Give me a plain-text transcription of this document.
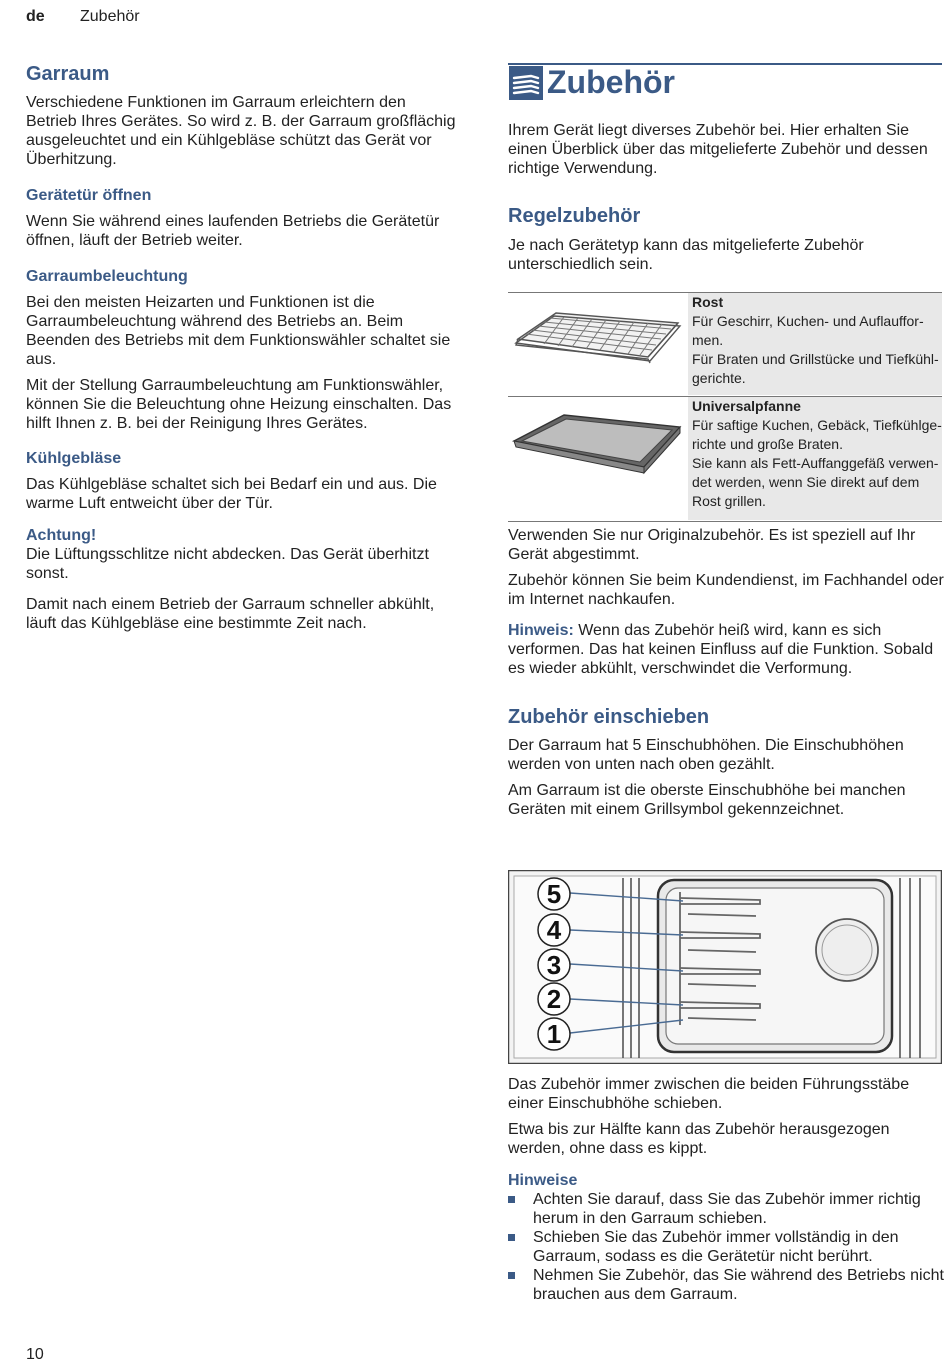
de Zubehör
Garraum

Verschiedene Funktionen im Garraum erleichtern den Betrieb Ihres Gerätes. So wird z. B. der Garraum großflächig ausgeleuchtet und ein Kühlgebläse schützt das Gerät vor Überhitzung.

Gerätetür öffnen

Wenn Sie während eines laufenden Betriebs die Gerätetür öffnen, läuft der Betrieb weiter.

Garraumbeleuchtung

Bei den meisten Heizarten und Funktionen ist die Garraumbeleuchtung während des Betriebs an. Beim Beenden des Betriebs mit dem Funktionswähler schaltet sie aus.

Mit der Stellung Garraumbeleuchtung am Funktionswähler, können Sie die Beleuchtung ohne Heizung einschalten. Das hilft Ihnen z. B. bei der Reinigung Ihres Gerätes.

Kühlgebläse

Das Kühlgebläse schaltet sich bei Bedarf ein und aus. Die warme Luft entweicht über der Tür.

Achtung!

Die Lüftungsschlitze nicht abdecken. Das Gerät überhitzt sonst.

Damit nach einem Betrieb der Garraum schneller abkühlt, läuft das Kühlgebläse eine bestimmte Zeit nach.

Zubehör

Ihrem Gerät liegt diverses Zubehör bei. Hier erhalten Sie einen Überblick über das mitgelieferte Zubehör und dessen richtige Verwendung.

Regelzubehör

Je nach Gerätetyp kann das mitgelieferte Zubehör unterschiedlich sein.

Rost
Für Geschirr, Kuchen- und Auflauffor-
men.
Für Braten und Grillstücke und Tiefkühl-
gerichte.
Universalpfanne
Für saftige Kuchen, Gebäck, Tiefkühlge-
richte und große Braten.
Sie kann als Fett-Auffanggefäß verwen-
det werden, wenn Sie direkt auf dem
Rost grillen.

Verwenden Sie nur Originalzubehör. Es ist speziell auf Ihr Gerät abgestimmt.

Zubehör können Sie beim Kundendienst, im Fachhandel oder im Internet nachkaufen.

Hinweis: Wenn das Zubehör heiß wird, kann es sich verformen. Das hat keinen Einfluss auf die Funktion. Sobald es wieder abkühlt, verschwindet die Verformung.

Zubehör einschieben

Der Garraum hat 5 Einschubhöhen. Die Einschubhöhen werden von unten nach oben gezählt.

Am Garraum ist die oberste Einschubhöhe bei manchen Geräten mit einem Grillsymbol gekennzeichnet.

5
4
3
2
1

Das Zubehör immer zwischen die beiden Führungsstäbe einer Einschubhöhe schieben.

Etwa bis zur Hälfte kann das Zubehör herausgezogen werden, ohne dass es kippt.

Hinweise
Achten Sie darauf, dass Sie das Zubehör immer richtig herum in den Garraum schieben.
Schieben Sie das Zubehör immer vollständig in den Garraum, sodass es die Gerätetür nicht berührt.
Nehmen Sie Zubehör, das Sie während des Betriebs nicht brauchen aus dem Garraum.
10
